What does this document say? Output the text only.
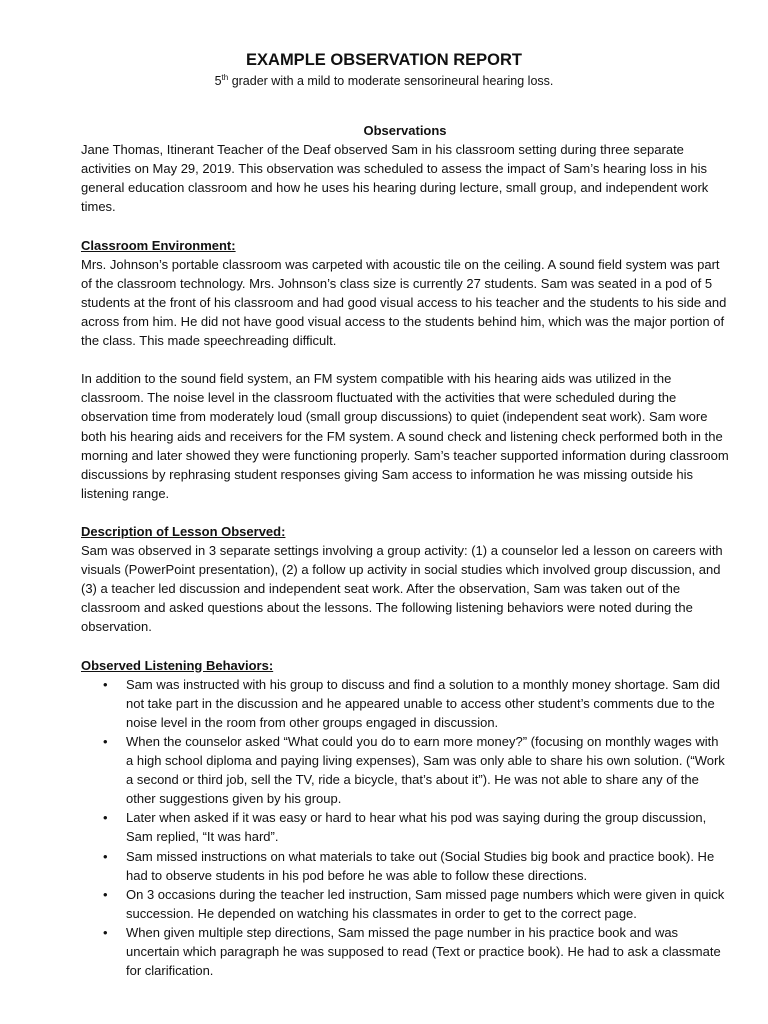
EXAMPLE OBSERVATION REPORT
5th grader with a mild to moderate sensorineural hearing loss.

Observations

Jane Thomas, Itinerant Teacher of the Deaf observed Sam in his classroom setting during three separate activities on May 29, 2019. This observation was scheduled to assess the impact of Sam’s hearing loss in his general education classroom and how he uses his hearing during lecture, small group, and independent work times.

Classroom Environment:

Mrs. Johnson’s portable classroom was carpeted with acoustic tile on the ceiling. A sound field system was part of the classroom technology. Mrs. Johnson’s class size is currently 27 students. Sam was seated in a pod of 5 students at the front of his classroom and had good visual access to his teacher and the students to his side and across from him. He did not have good visual access to the students behind him, which was the major portion of the class. This made speechreading difficult.

In addition to the sound field system, an FM system compatible with his hearing aids was utilized in the classroom. The noise level in the classroom fluctuated with the activities that were scheduled during the observation time from moderately loud (small group discussions) to quiet (independent seat work). Sam wore both his hearing aids and receivers for the FM system. A sound check and listening check performed both in the morning and later showed they were functioning properly. Sam’s teacher supported information during classroom discussions by rephrasing student responses giving Sam access to information he was missing outside his listening range.

Description of Lesson Observed:

Sam was observed in 3 separate settings involving a group activity: (1) a counselor led a lesson on careers with visuals (PowerPoint presentation), (2) a follow up activity in social studies which involved group discussion, and (3) a teacher led discussion and independent seat work. After the observation, Sam was taken out of the classroom and asked questions about the lessons. The following listening behaviors were noted during the observation.

Observed Listening Behaviors:

• Sam was instructed with his group to discuss and find a solution to a monthly money shortage. Sam did not take part in the discussion and he appeared unable to access other student’s comments due to the noise level in the room from other groups engaged in discussion.
• When the counselor asked “What could you do to earn more money?” (focusing on monthly wages with a high school diploma and paying living expenses), Sam was only able to share his own solution. (“Work a second or third job, sell the TV, ride a bicycle, that’s about it”). He was not able to share any of the other suggestions given by his group.
• Later when asked if it was easy or hard to hear what his pod was saying during the group discussion, Sam replied, “It was hard”.
• Sam missed instructions on what materials to take out (Social Studies big book and practice book). He had to observe students in his pod before he was able to follow these directions.
• On 3 occasions during the teacher led instruction, Sam missed page numbers which were given in quick succession. He depended on watching his classmates in order to get to the correct page.
• When given multiple step directions, Sam missed the page number in his practice book and was uncertain which paragraph he was supposed to read (Text or practice book). He had to ask a classmate for clarification.
